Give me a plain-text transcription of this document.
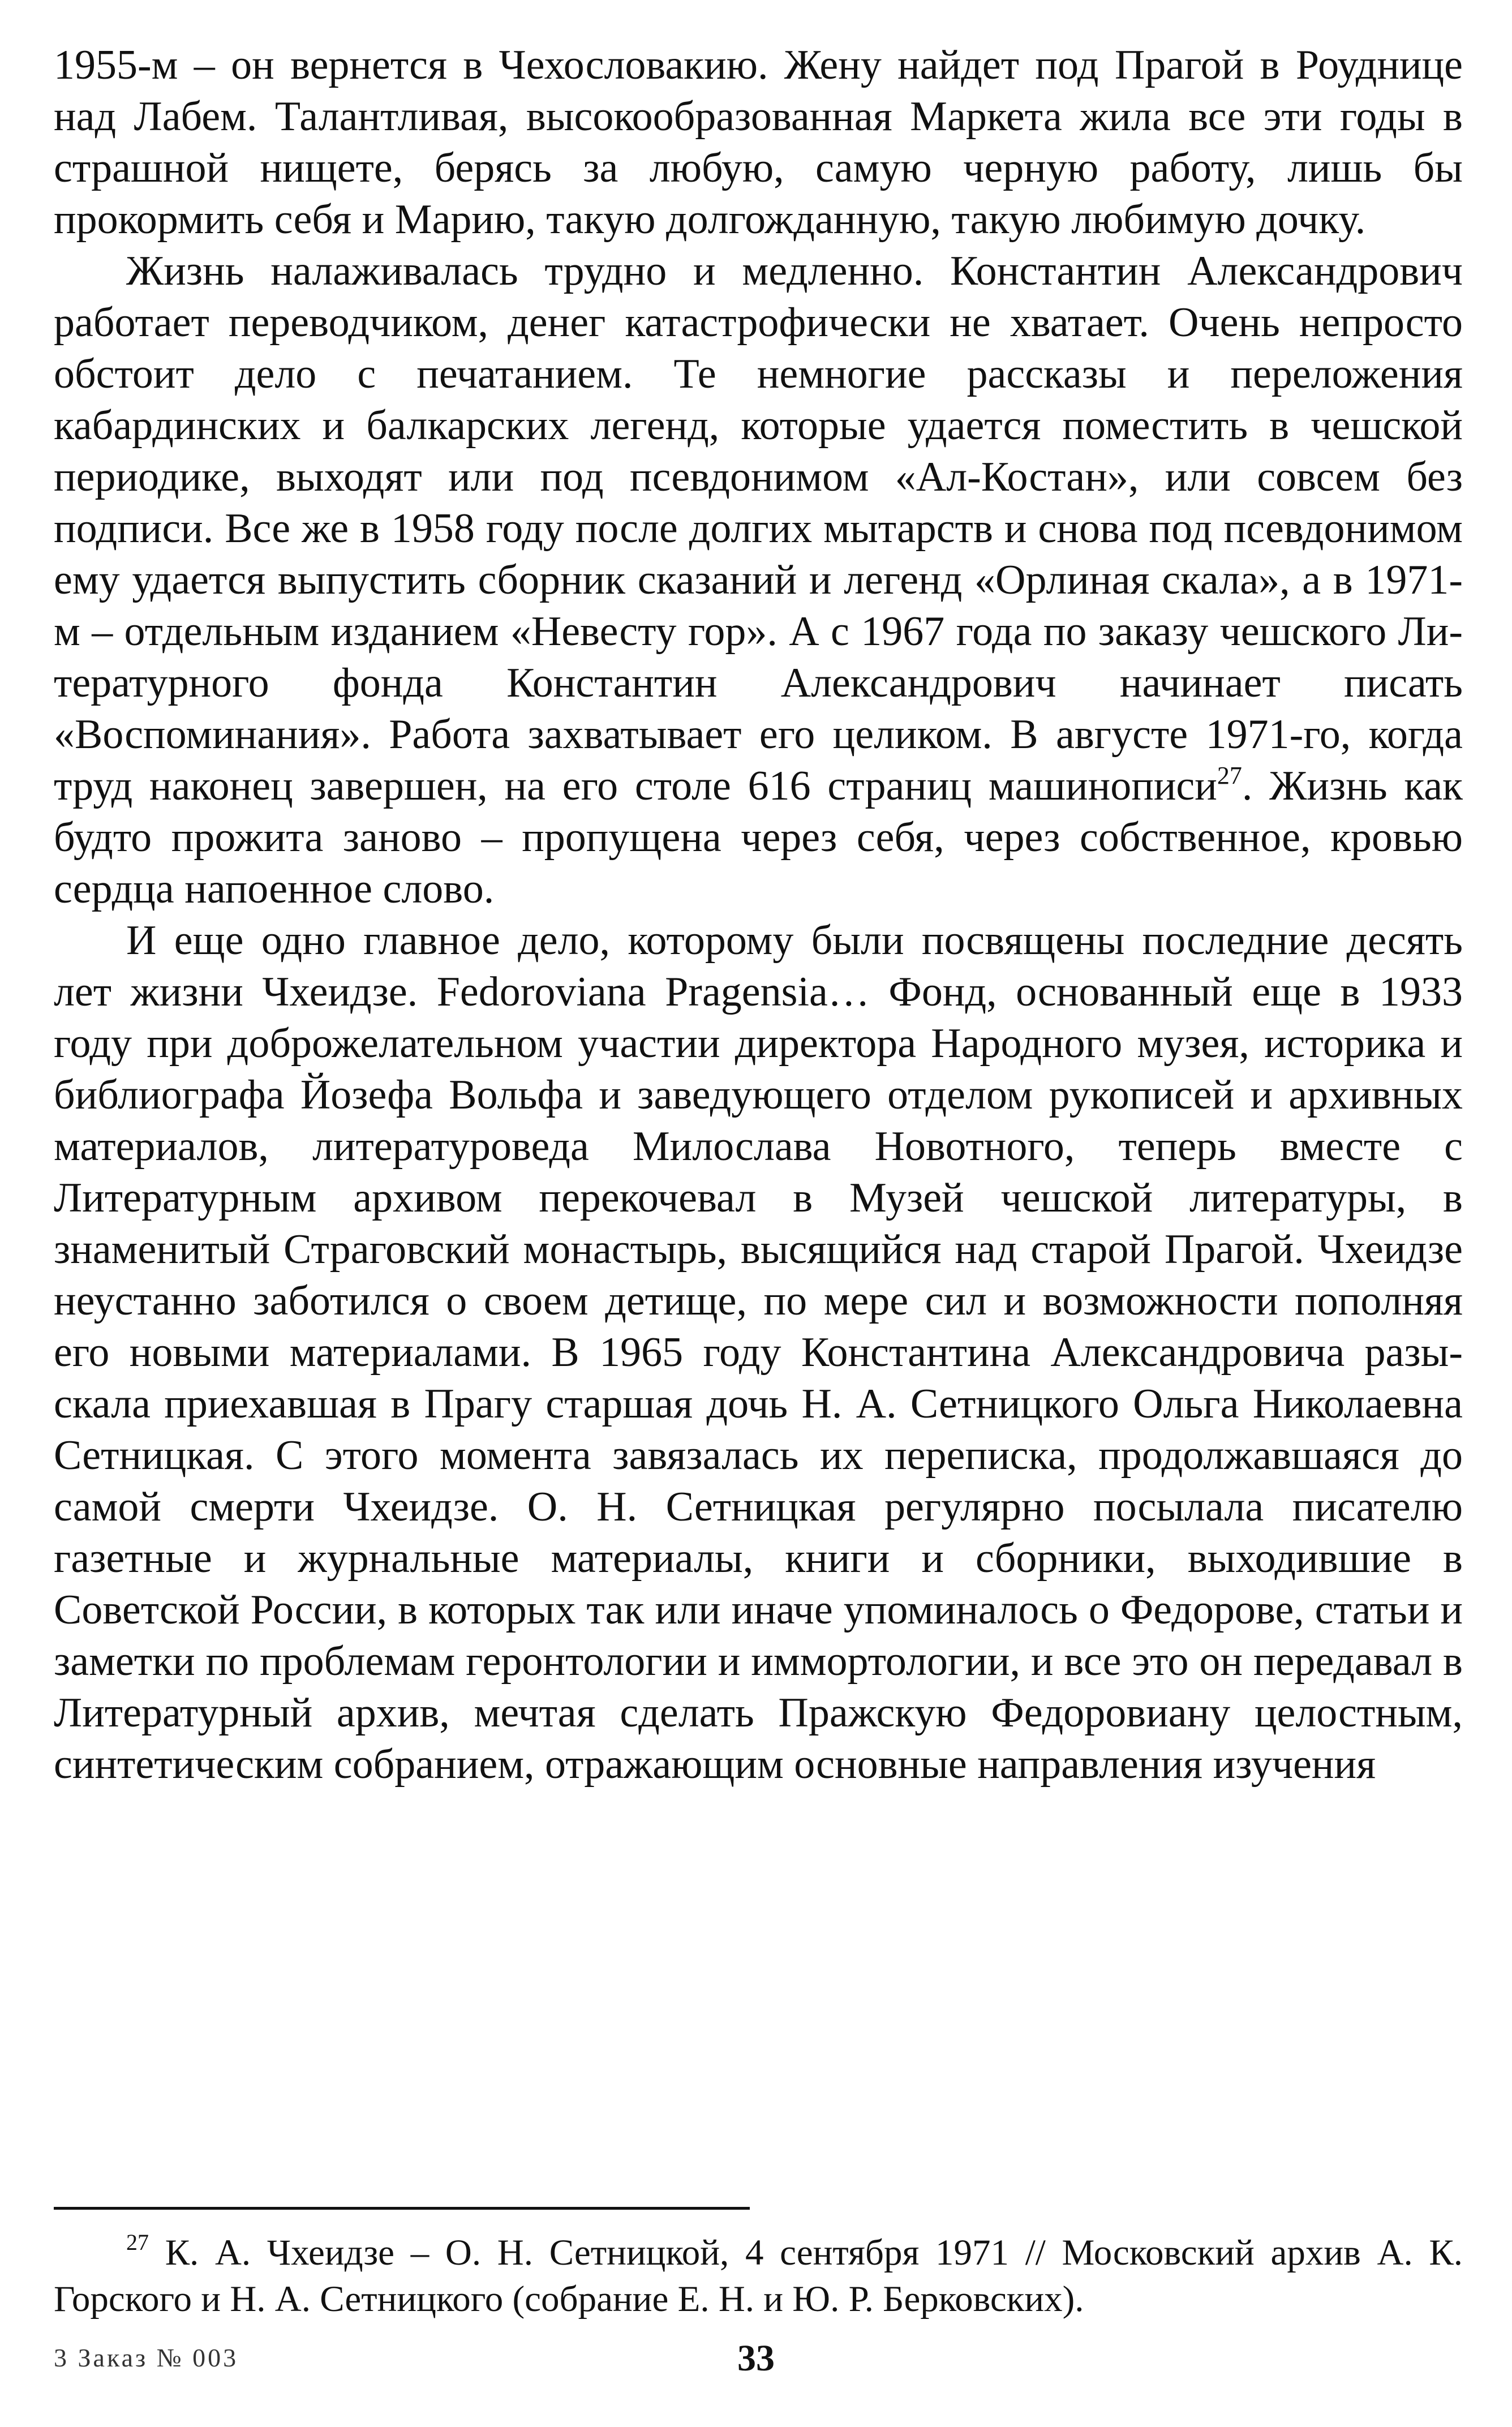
1955-м – он вернется в Чехословакию. Жену найдет под Прагой в Роуднице над Лабем. Талантливая, высокообразованная Маркета жила все эти годы в страшной нищете, берясь за любую, самую черную работу, лишь бы прокормить себя и Марию, такую долгожданную, такую любимую дочку.

Жизнь налаживалась трудно и медленно. Константин Александрович работает переводчиком, денег катастрофически не хватает. Очень непросто обстоит дело с печатанием. Те немногие рассказы и переложения кабардинских и балкарских легенд, которые удается поместить в чешской периодике, выходят или под псевдонимом «Ал-Костан», или совсем без подписи. Все же в 1958 году после долгих мытарств и снова под псевдонимом ему удается выпустить сборник сказаний и легенд «Орлиная скала», а в 1971-м – отдельным изданием «Невесту гор». А с 1967 года по заказу чешского Литературного фонда Константин Александрович начинает писать «Воспоминания». Работа захватывает его целиком. В августе 1971-го, когда труд наконец завершен, на его столе 616 страниц машинописи$^{27}$. Жизнь как будто прожита заново – пропущена через себя, через собственное, кровью сердца напоенное слово.

И еще одно главное дело, которому были посвящены последние десять лет жизни Чхеидзе. Fedoroviana Pragensia… Фонд, основанный еще в 1933 году при доброжелательном участии директора Народного музея, историка и библиографа Йозефа Вольфа и заведующего отделом рукописей и архивных материалов, литературоведа Милослава Новотного, теперь вместе с Литературным архивом перекочевал в Музей чешской литературы, в знаменитый Страговский монастырь, высящийся над старой Прагой. Чхеидзе неустанно заботился о своем детище, по мере сил и возможности пополняя его новыми материалами. В 1965 году Константина Александровича разыскала приехавшая в Прагу старшая дочь Н. А. Сетницкого Ольга Николаевна Сетницкая. С этого момента завязалась их переписка, продолжавшаяся до самой смерти Чхеидзе. О. Н. Сетницкая регулярно посылала писателю газетные и журнальные материалы, книги и сборники, выходившие в Советской России, в которых так или иначе упоминалось о Федорове, статьи и заметки по проблемам геронтологии и иммортологии, и все это он передавал в Литературный архив, мечтая сделать Пражскую Федоровиану целостным, синтетическим собранием, отражающим основные направления изучения

$^{27}$ К. А. Чхеидзе – О. Н. Сетницкой, 4 сентября 1971 // Московский архив А. К. Горского и Н. А. Сетницкого (собрание Е. Н. и Ю. Р. Берковских).

3 Заказ № 003	33
